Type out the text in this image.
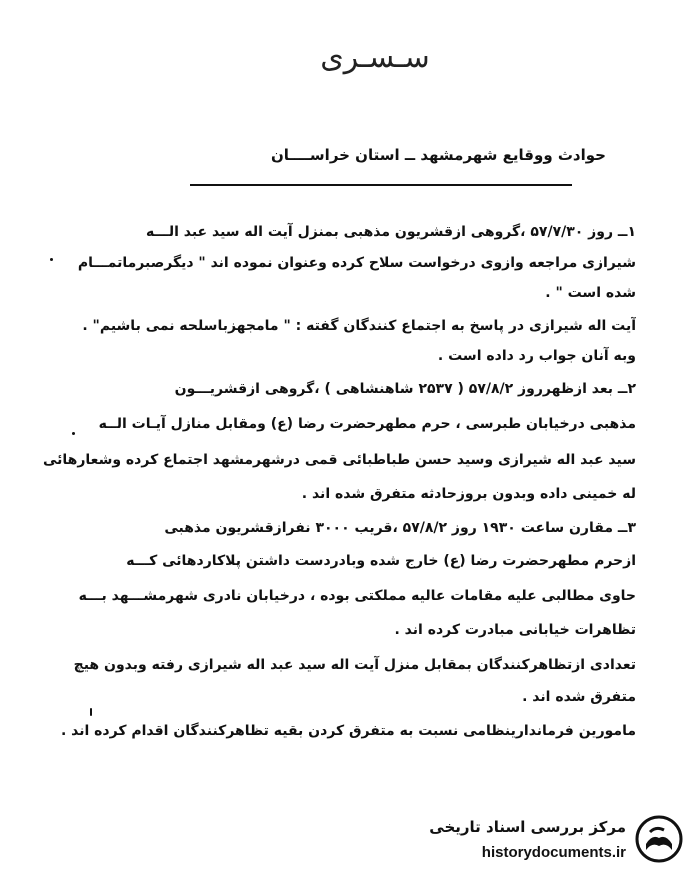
سـسـری
حوادث ووقایع شهرمشهد ــ استان خراســــان
۱ــ روز ۵۷/۷/۳۰ ،گروهی ازقشریون مذهبی بمنزل آیت اله سید عبد الـــه
شیرازی مراجعه وازوی درخواست سلاح کرده وعنوان نموده اند " دیگرصبرماتمـــام
شده است " .
آیت اله شیرازی در پاسخ به اجتماع کنندگان گفته : " مامجهزباسلحه نمی باشیم" .
وبه آنان جواب رد داده است .
۲ــ بعد ازظهرروز ۵۷/۸/۲ ( ۲۵۳۷ شاهنشاهی ) ،گروهی ازقشریـــون
مذهبی درخیابان طبرسی ، حرم مطهرحضرت رضا (ع) ومقابل منازل آیـات الــه
سید عبد اله شیرازی وسید حسن طباطبائی قمی درشهرمشهد اجتماع کرده وشعارهائی
له خمینی داده وبدون بروزحادثه متفرق شده اند .
۳ــ مقارن ساعت ۱۹۳۰ روز ۵۷/۸/۲ ،قریب ۳۰۰۰ نفرازقشریون مذهبی
ازحرم مطهرحضرت رضا (ع) خارج شده وبادردست داشتن پلاکاردهائی کـــه
حاوی مطالبی علیه مقامات عالیه مملکتی بوده ، درخیابان نادری شهرمشـــهد بـــه
تظاهرات خیابانی مبادرت کرده اند .
تعدادی ازتظاهرکنندگان بمقابل منزل آیت اله سید عبد اله شیرازی رفته وبدون هیچ
متفرق شده اند .
مامورین فرماندارینظامی نسبت به متفرق کردن بقیه تظاهرکنندگان اقدام کرده اند .
مرکز بررسی اسناد تاریخی
historydocuments.ir
